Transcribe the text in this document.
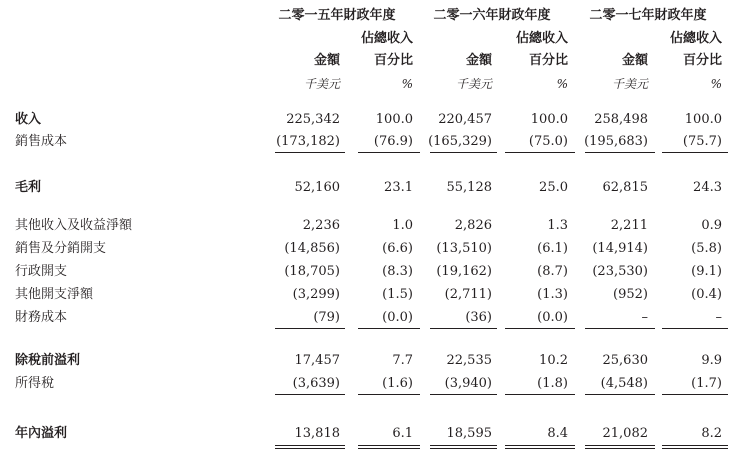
二零一五年財政年度
佔總收入
金額	百分比
千美元	%
二零一六年財政年度
佔總收入
金額	百分比
千美元	%
二零一七年財政年度
佔總收入
金額	百分比
千美元	%
收入	225,342	100.0	220,457	100.0	258,498	100.0
銷售成本	(173,182)	(76.9)	(165,329)	(75.0)	(195,683)	(75.7)
毛利	52,160	23.1	55,128	25.0	62,815	24.3
其他收入及收益淨額	2,236	1.0	2,826	1.3	2,211	0.9
銷售及分銷開支	(14,856)	(6.6)	(13,510)	(6.1)	(14,914)	(5.8)
行政開支	(18,705)	(8.3)	(19,162)	(8.7)	(23,530)	(9.1)
其他開支淨額	(3,299)	(1.5)	(2,711)	(1.3)	(952)	(0.4)
財務成本	(79)	(0.0)	(36)	(0.0)	–	–
除稅前溢利	17,457	7.7	22,535	10.2	25,630	9.9
所得稅	(3,639)	(1.6)	(3,940)	(1.8)	(4,548)	(1.7)
年內溢利	13,818	6.1	18,595	8.4	21,082	8.2
